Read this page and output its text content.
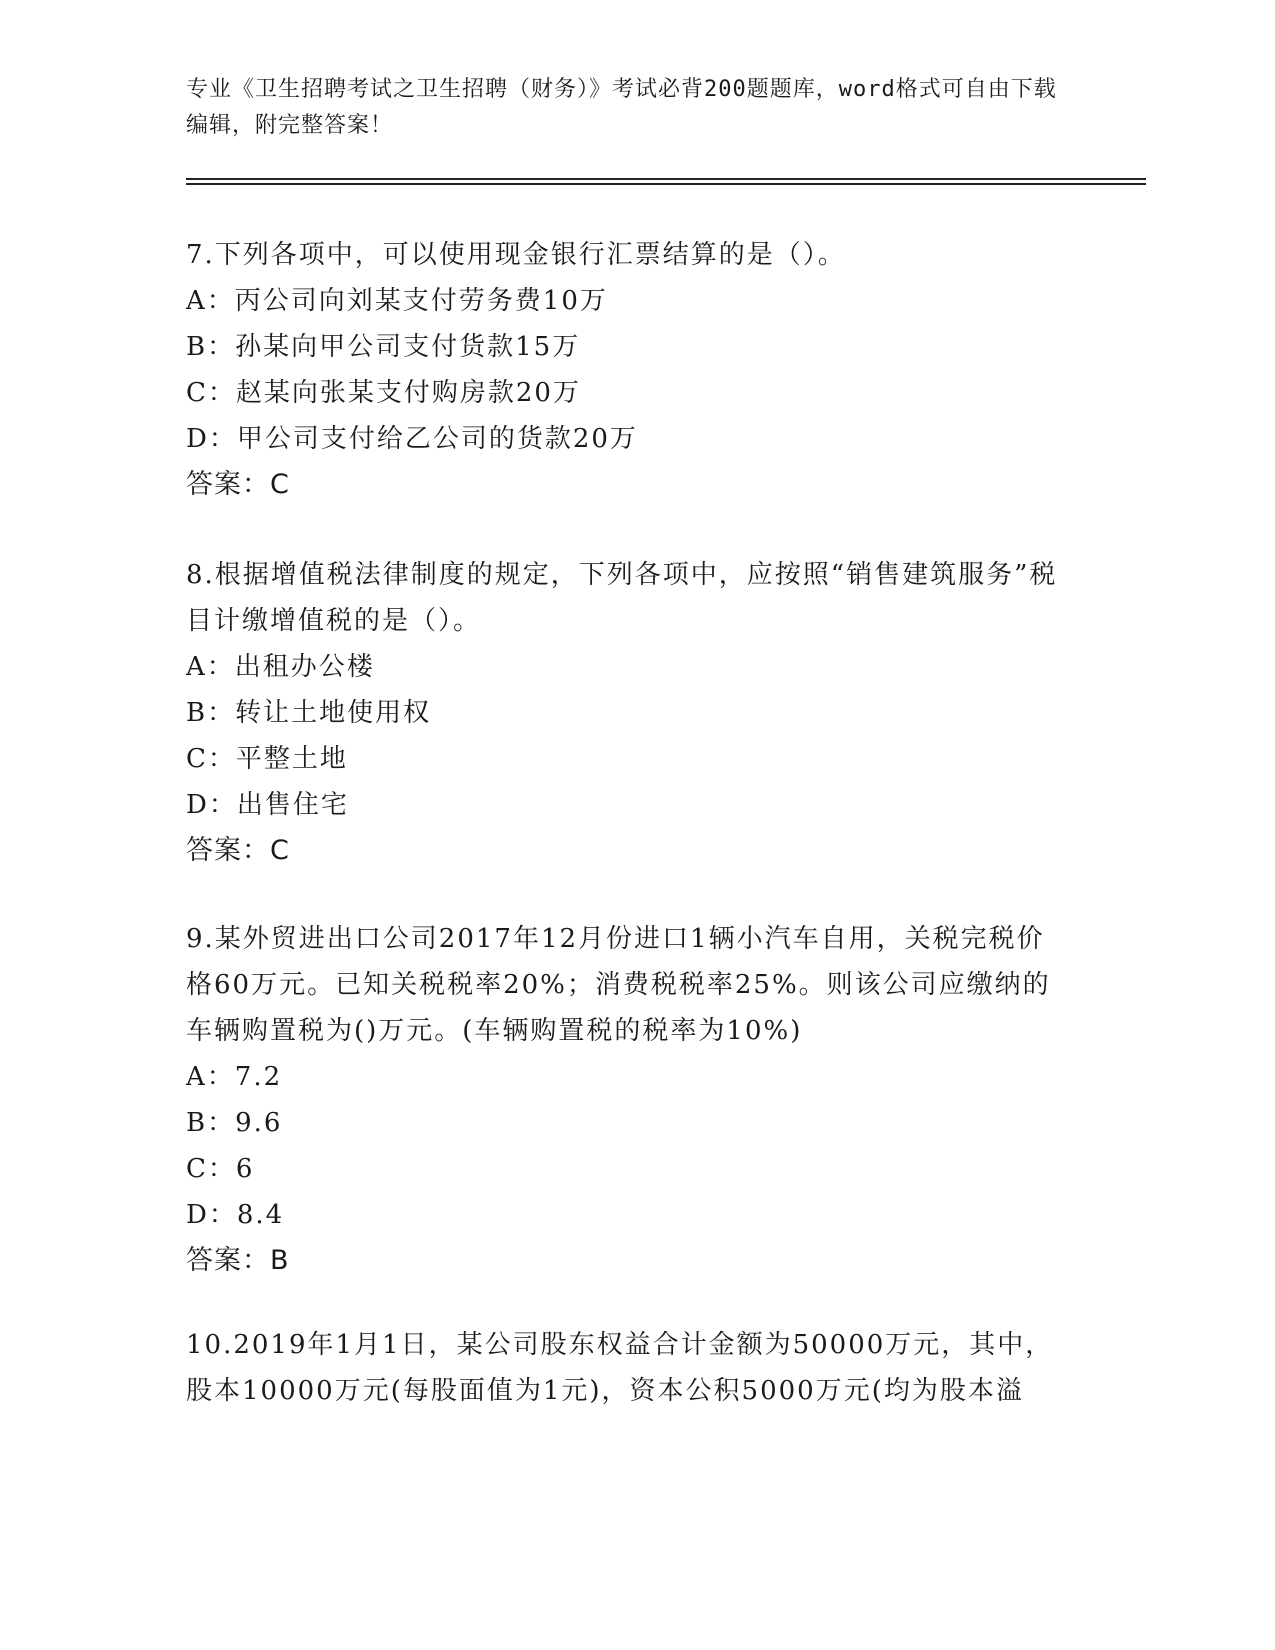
专业《卫生招聘考试之卫生招聘（财务）》考试必背200题题库，word格式可自由下载编辑，附完整答案！
7.下列各项中，可以使用现金银行汇票结算的是（）。
A：丙公司向刘某支付劳务费10万
B：孙某向甲公司支付货款15万
C：赵某向张某支付购房款20万
D：甲公司支付给乙公司的货款20万
答案：C
8.根据增值税法律制度的规定，下列各项中，应按照“销售建筑服务”税目计缴增值税的是（）。
A：出租办公楼
B：转让土地使用权
C：平整土地
D：出售住宅
答案：C
9.某外贸进出口公司2017年12月份进口1辆小汽车自用，关税完税价格60万元。已知关税税率20%；消费税税率25%。则该公司应缴纳的车辆购置税为()万元。(车辆购置税的税率为10%)
A：7.2
B：9.6
C：6
D：8.4
答案：B
10.2019年1月1日，某公司股东权益合计金额为50000万元，其中，股本10000万元(每股面值为1元)，资本公积5000万元(均为股本溢
